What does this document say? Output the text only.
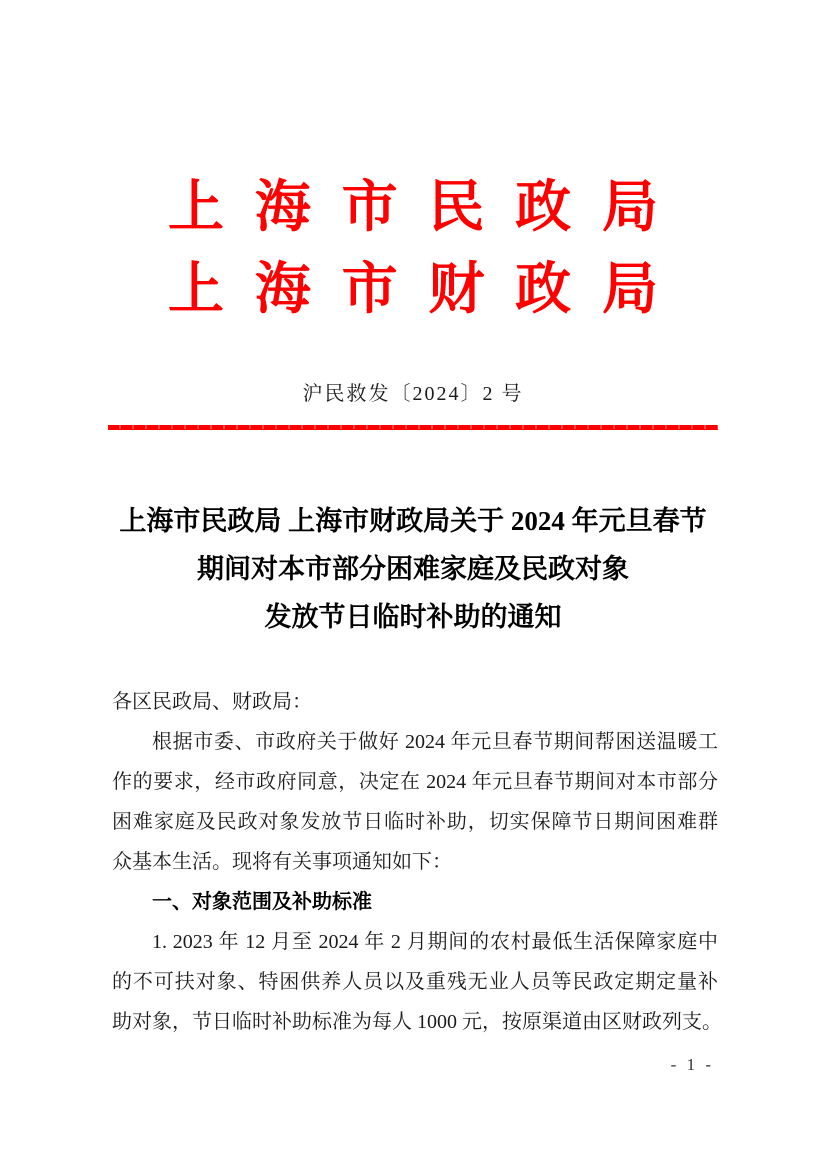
上海市民政局
上海市财政局
沪民救发〔2024〕2 号
上海市民政局 上海市财政局关于 2024 年元旦春节
期间对本市部分困难家庭及民政对象
发放节日临时补助的通知
各区民政局、财政局：
根据市委、市政府关于做好 2024 年元旦春节期间帮困送温暖工
作的要求，经市政府同意，决定在 2024 年元旦春节期间对本市部分
困难家庭及民政对象发放节日临时补助，切实保障节日期间困难群
众基本生活。现将有关事项通知如下：
一、对象范围及补助标准
1. 2023 年 12 月至 2024 年 2 月期间的农村最低生活保障家庭中
的不可扶对象、特困供养人员以及重残无业人员等民政定期定量补
助对象，节日临时补助标准为每人 1000 元，按原渠道由区财政列支。
- 1 -
